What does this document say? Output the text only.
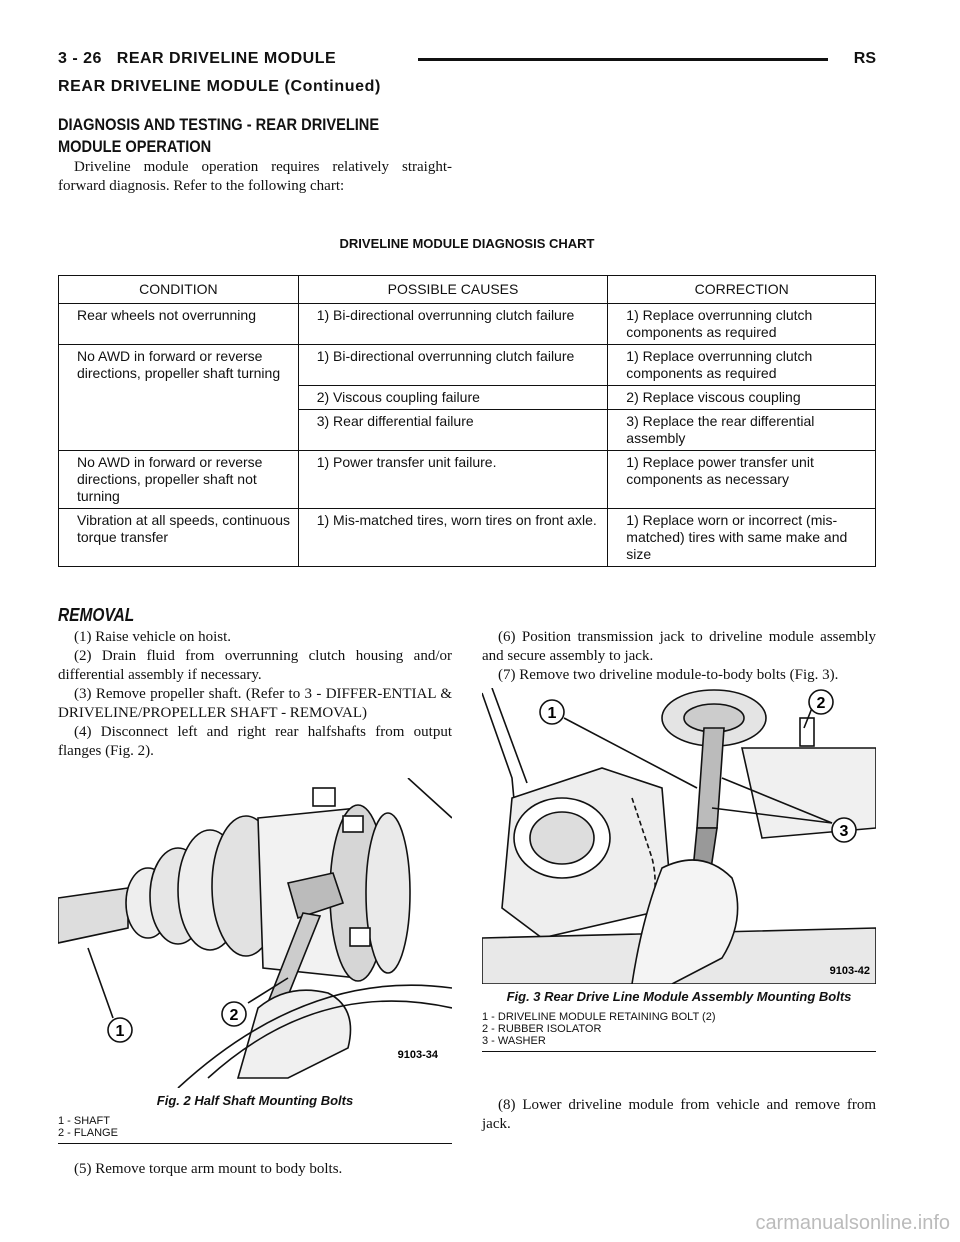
3 - 26 REAR DRIVELINE MODULE	RS
REAR DRIVELINE MODULE (Continued)
DIAGNOSIS AND TESTING - REAR DRIVELINE
MODULE OPERATION

Driveline module operation requires relatively straight-forward diagnosis. Refer to the following chart:

DRIVELINE MODULE DIAGNOSIS CHART
CONDITION	POSSIBLE CAUSES	CORRECTION
Rear wheels not overrunning	1) Bi-directional overrunning clutch failure	1) Replace overrunning clutch components as required
No AWD in forward or reverse directions, propeller shaft turning	1) Bi-directional overrunning clutch failure	1) Replace overrunning clutch components as required
	2) Viscous coupling failure	2) Replace viscous coupling
	3) Rear differential failure	3) Replace the rear differential assembly
No AWD in forward or reverse directions, propeller shaft not turning	1) Power transfer unit failure.	1) Replace power transfer unit components as necessary
Vibration at all speeds, continuous torque transfer	1) Mis-matched tires, worn tires on front axle.	1) Replace worn or incorrect (mis-matched) tires with same make and size
REMOVAL

(1) Raise vehicle on hoist.

(2) Drain fluid from overrunning clutch housing and/or differential assembly if necessary.

(3) Remove propeller shaft. (Refer to 3 - DIFFER-ENTIAL & DRIVELINE/PROPELLER SHAFT - REMOVAL)

(4) Disconnect left and right rear halfshafts from output flanges (Fig. 2).

1
2
9103-34
Fig. 2 Half Shaft Mounting Bolts
1 - SHAFT
2 - FLANGE

(5) Remove torque arm mount to body bolts.

(6) Position transmission jack to driveline module assembly and secure assembly to jack.

(7) Remove two driveline module-to-body bolts (Fig. 3).

1
2
3
9103-42
Fig. 3 Rear Drive Line Module Assembly Mounting Bolts
1 - DRIVELINE MODULE RETAINING BOLT (2)
2 - RUBBER ISOLATOR
3 - WASHER

(8) Lower driveline module from vehicle and remove from jack.

carmanualsonline.info
